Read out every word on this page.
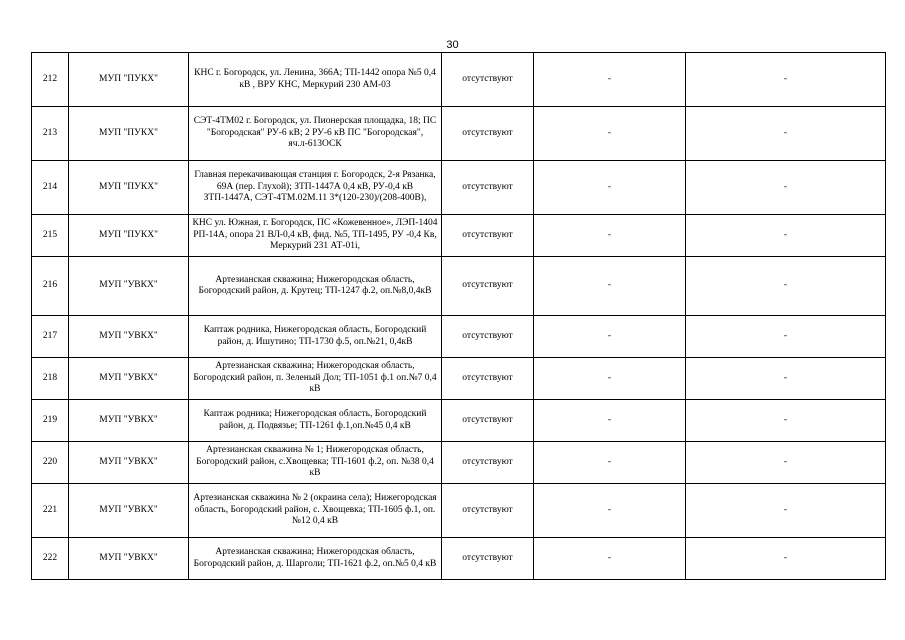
30
212	МУП "ПУКХ"	КНС г. Богородск, ул. Ленина, 366А; ТП-1442 опора №5 0,4 кВ , ВРУ КНС, Меркурий 230 АМ-03	отсутствуют	-	-
213	МУП "ПУКХ"	СЭТ-4ТМ02 г. Богородск, ул. Пионерская площадка, 18; ПС "Богородская" РУ-6 кВ; 2 РУ-6 кВ ПС "Богородская", яч.л-613ОСК	отсутствуют	-	-
214	МУП "ПУКХ"	Главная перекачивающая станция г. Богородск, 2-я Рязанка, 69А (пер. Глухой); ЗТП-1447А 0,4 кВ, РУ-0,4 кВ ЗТП-1447А, СЭТ-4ТМ.02М.11 3*(120-230)/(208-400В),	отсутствуют	-	-
215	МУП "ПУКХ"	КНС ул. Южная, г. Богородск, ПС «Кожевенное», ЛЭП-1404 РП-14А, опора 21 ВЛ-0,4 кВ, фид. №5, ТП-1495, РУ -0,4 Кв, Меркурий 231 АТ-01i,	отсутствуют	-	-
216	МУП "УВКХ"	Артезианская скважина; Нижегородская область, Богородский район, д. Крутец; ТП-1247 ф.2, оп.№8,0,4кВ	отсутствуют	-	-
217	МУП "УВКХ"	Каптаж родника, Нижегородская область, Богородский район, д. Ишутино; ТП-1730 ф.5, оп.№21, 0,4кВ	отсутствуют	-	-
218	МУП "УВКХ"	Артезианская скважина; Нижегородская область, Богородский район, п. Зеленый Дол; ТП-1051 ф.1 оп.№7 0,4 кВ	отсутствуют	-	-
219	МУП "УВКХ"	Каптаж родника; Нижегородская область, Богородский район, д. Подвязье; ТП-1261 ф.1,оп.№45 0,4 кВ	отсутствуют	-	-
220	МУП "УВКХ"	Артезианская скважина № 1; Нижегородская область, Богородский район, с.Хвощевка; ТП-1601 ф.2, оп. №38 0,4 кВ	отсутствуют	-	-
221	МУП "УВКХ"	Артезианская скважина № 2 (окраина села); Нижегородская область, Богородский район, с. Хвощевка; ТП-1605 ф.1, оп.№12 0,4 кВ	отсутствуют	-	-
222	МУП "УВКХ"	Артезианская скважина; Нижегородская область, Богородский район, д. Шарголи; ТП-1621 ф.2, оп.№5 0,4 кВ	отсутствуют	-	-
